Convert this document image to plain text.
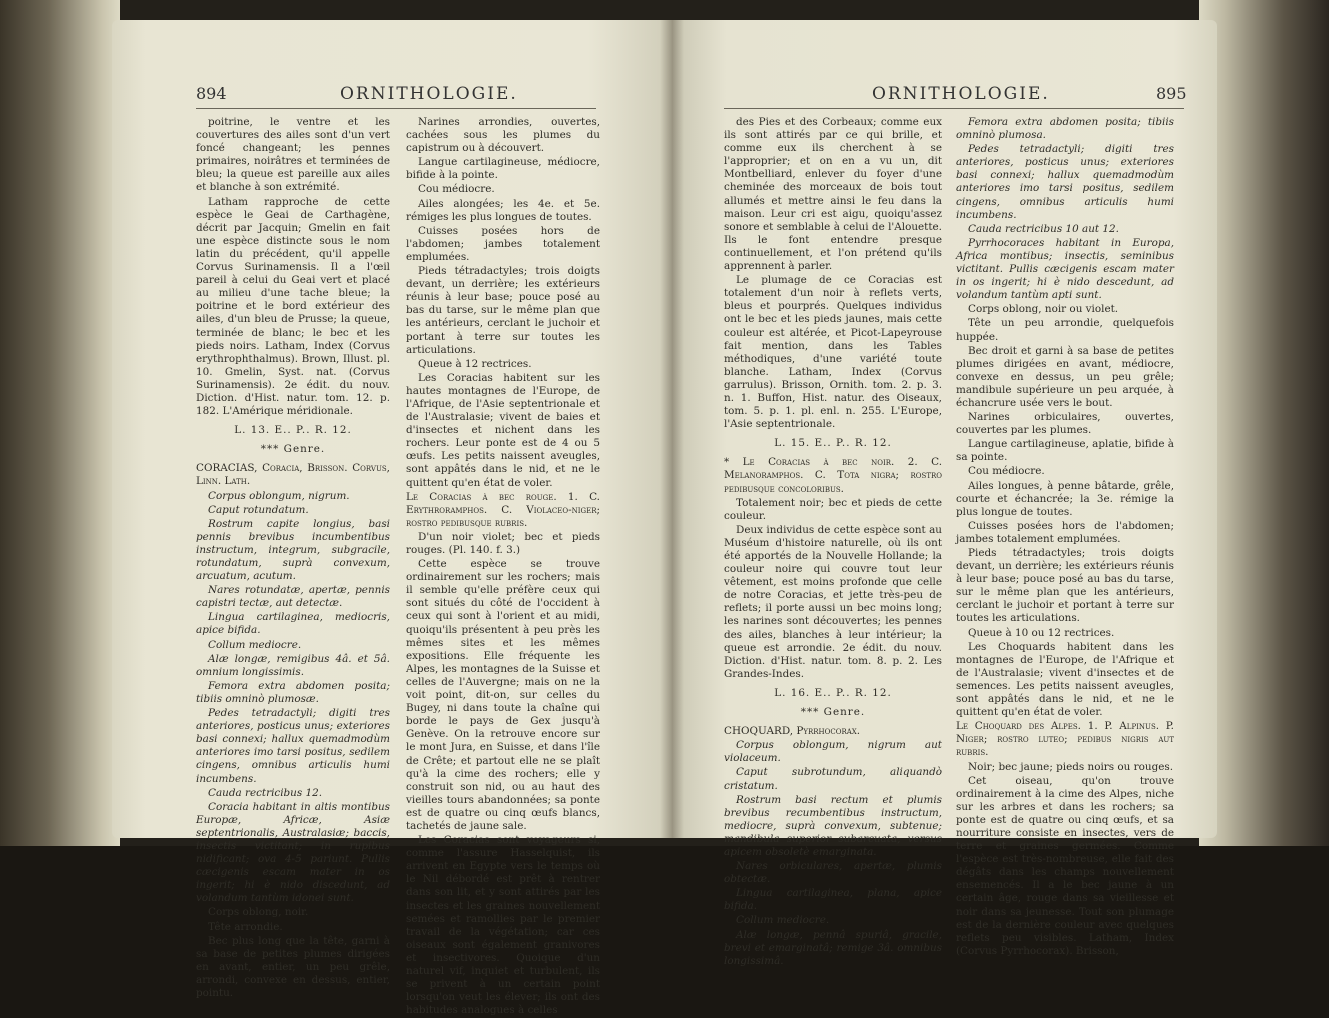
894	ORNITHOLOGIE.

poitrine, le ventre et les couvertures des ailes sont d'un vert foncé changeant; les pennes primaires, noirâtres et terminées de bleu; la queue est pareille aux ailes et blanche à son extrémité.

Latham rapproche de cette espèce le Geai de Carthagène, décrit par Jacquin; Gmelin en fait une espèce distincte sous le nom latin du précédent, qu'il appelle Corvus Surinamensis. Il a l'œil pareil à celui du Geai vert et placé au milieu d'une tache bleue; la poitrine et le bord extérieur des ailes, d'un bleu de Prusse; la queue, terminée de blanc; le bec et les pieds noirs. Latham, Index (Corvus erythrophthalmus). Brown, Illust. pl. 10. Gmelin, Syst. nat. (Corvus Surinamensis). 2e édit. du nouv. Diction. d'Hist. natur. tom. 12. p. 182. L'Amérique méridionale.

L. 13. E.. P.. R. 12.

*** Genre.

CORACIAS, Coracia, Brisson. Corvus, Linn. Lath.

Corpus oblongum, nigrum.

Caput rotundatum.

Rostrum capite longius, basi pennis brevibus incumbentibus instructum, integrum, subgracile, rotundatum, suprà convexum, arcuatum, acutum.

Nares rotundatæ, apertæ, pennis capistri tectæ, aut detectæ.

Lingua cartilaginea, mediocris, apice bifida.

Collum mediocre.

Alæ longæ, remigibus 4â. et 5â. omnium longissimis.

Femora extra abdomen posita; tibiis omninò plumosæ.

Pedes tetradactyli; digiti tres anteriores, posticus unus; exteriores basi connexi; hallux quemadmodùm anteriores imo tarsi positus, sedilem cingens, omnibus articulis humi incumbens.

Cauda rectricibus 12.

Coracia habitant in altis montibus Europæ, Africæ, Asiæ septentrionalis, Australasiæ; baccis, insectis victitant; in rupibus nidificant; ova 4-5 pariunt. Pullis cæcigenis escam mater in os ingerit; hi è nido discedunt, ad volandum tantùm idonei sunt.

Corps oblong, noir.

Tête arrondie.

Bec plus long que la tête, garni à sa base de petites plumes dirigées en avant, entier, un peu grêle, arrondi, convexe en dessus, entier, pointu.

Narines arrondies, ouvertes, cachées sous les plumes du capistrum ou à découvert.

Langue cartilagineuse, médiocre, bifide à la pointe.

Cou médiocre.

Ailes alongées; les 4e. et 5e. rémiges les plus longues de toutes.

Cuisses posées hors de l'abdomen; jambes totalement emplumées.

Pieds tétradactyles; trois doigts devant, un derrière; les extérieurs réunis à leur base; pouce posé au bas du tarse, sur le même plan que les antérieurs, cerclant le juchoir et portant à terre sur toutes les articulations.

Queue à 12 rectrices.

Les Coracias habitent sur les hautes montagnes de l'Europe, de l'Afrique, de l'Asie septentrionale et de l'Australasie; vivent de baies et d'insectes et nichent dans les rochers. Leur ponte est de 4 ou 5 œufs. Les petits naissent aveugles, sont appâtés dans le nid, et ne le quittent qu'en état de voler.

Le Coracias à bec rouge. 1. C. Erythroramphos. C. Violaceo-niger; rostro pedibusque rubris.

D'un noir violet; bec et pieds rouges. (Pl. 140. f. 3.)

Cette espèce se trouve ordinairement sur les rochers; mais il semble qu'elle préfère ceux qui sont situés du côté de l'occident à ceux qui sont à l'orient et au midi, quoiqu'ils présentent à peu près les mêmes sites et les mêmes expositions. Elle fréquente les Alpes, les montagnes de la Suisse et celles de l'Auvergne; mais on ne la voit point, dit-on, sur celles du Bugey, ni dans toute la chaîne qui borde le pays de Gex jusqu'à Genève. On la retrouve encore sur le mont Jura, en Suisse, et dans l'île de Crête; et partout elle ne se plaît qu'à la cime des rochers; elle y construit son nid, ou au haut des vieilles tours abandonnées; sa ponte est de quatre ou cinq œufs blancs, tachetés de jaune sale.

Les Coracias sont voyageurs si, comme l'assure Hasselquist, ils arrivent en Egypte vers le temps où le Nil débordé est prêt à rentrer dans son lit, et y sont attirés par les insectes et les graines nouvellement semées et ramollies par le premier travail de la végétation; car ces oiseaux sont également granivores et insectivores. Quoique d'un naturel vif, inquiet et turbulent, ils se privent à un certain point lorsqu'on veut les élever; ils ont des habitudes analogues à celles

ORNITHOLOGIE.	895

des Pies et des Corbeaux; comme eux ils sont attirés par ce qui brille, et comme eux ils cherchent à se l'approprier; et on en a vu un, dit Montbelliard, enlever du foyer d'une cheminée des morceaux de bois tout allumés et mettre ainsi le feu dans la maison. Leur cri est aigu, quoiqu'assez sonore et semblable à celui de l'Alouette. Ils le font entendre presque continuellement, et l'on prétend qu'ils apprennent à parler.

Le plumage de ce Coracias est totalement d'un noir à reflets verts, bleus et pourprés. Quelques individus ont le bec et les pieds jaunes, mais cette couleur est altérée, et Picot-Lapeyrouse fait mention, dans les Tables méthodiques, d'une variété toute blanche. Latham, Index (Corvus garrulus). Brisson, Ornith. tom. 2. p. 3. n. 1. Buffon, Hist. natur. des Oiseaux, tom. 5. p. 1. pl. enl. n. 255. L'Europe, l'Asie septentrionale.

L. 15. E.. P.. R. 12.

* Le Coracias à bec noir. 2. C. Melanoramphos. C. Tota nigra; rostro pedibusque concoloribus.

Totalement noir; bec et pieds de cette couleur.

Deux individus de cette espèce sont au Muséum d'histoire naturelle, où ils ont été apportés de la Nouvelle Hollande; la couleur noire qui couvre tout leur vêtement, est moins profonde que celle de notre Coracias, et jette très-peu de reflets; il porte aussi un bec moins long; les narines sont découvertes; les pennes des ailes, blanches à leur intérieur; la queue est arrondie. 2e édit. du nouv. Diction. d'Hist. natur. tom. 8. p. 2. Les Grandes-Indes.

L. 16. E.. P.. R. 12.

*** Genre.

CHOQUARD, Pyrrhocorax.

Corpus oblongum, nigrum aut violaceum.

Caput subrotundum, aliquandò cristatum.

Rostrum basi rectum et plumis brevibus recumbentibus instructum, mediocre, suprà convexum, subtenue; mandibula superior subarcuata, versus apicem obsoletè emarginata.

Nares orbiculares, apertæ, plumis obtectæ.

Lingua cartilaginea, plana, apice bifida.

Collum mediocre.

Alæ longæ, pennâ spuriâ, gracile, brevi et emarginatâ; remige 3â. omnibus longissimâ.

Femora extra abdomen posita; tibiis omninò plumosa.

Pedes tetradactyli; digiti tres anteriores, posticus unus; exteriores basi connexi; hallux quemadmodùm anteriores imo tarsi positus, sedilem cingens, omnibus articulis humi incumbens.

Cauda rectricibus 10 aut 12.

Pyrrhocoraces habitant in Europa, Africa montibus; insectis, seminibus victitant. Pullis cæcigenis escam mater in os ingerit; hi è nido descedunt, ad volandum tantùm apti sunt.

Corps oblong, noir ou violet.

Tête un peu arrondie, quelquefois huppée.

Bec droit et garni à sa base de petites plumes dirigées en avant, médiocre, convexe en dessus, un peu grêle; mandibule supérieure un peu arquée, à échancrure usée vers le bout.

Narines orbiculaires, ouvertes, couvertes par les plumes.

Langue cartilagineuse, aplatie, bifide à sa pointe.

Cou médiocre.

Ailes longues, à penne bâtarde, grêle, courte et échancrée; la 3e. rémige la plus longue de toutes.

Cuisses posées hors de l'abdomen; jambes totalement emplumées.

Pieds tétradactyles; trois doigts devant, un derrière; les extérieurs réunis à leur base; pouce posé au bas du tarse, sur le même plan que les antérieurs, cerclant le juchoir et portant à terre sur toutes les articulations.

Queue à 10 ou 12 rectrices.

Les Choquards habitent dans les montagnes de l'Europe, de l'Afrique et de l'Australasie; vivent d'insectes et de semences. Les petits naissent aveugles, sont appâtés dans le nid, et ne le quittent qu'en état de voler.

Le Choquard des Alpes. 1. P. Alpinus. P. Niger; rostro luteo; pedibus nigris aut rubris.

Noir; bec jaune; pieds noirs ou rouges.

Cet oiseau, qu'on trouve ordinairement à la cime des Alpes, niche sur les arbres et dans les rochers; sa ponte est de quatre ou cinq œufs, et sa nourriture consiste en insectes, vers de terre et graines germées. Comme l'espèce est très-nombreuse, elle fait des dégâts dans les champs nouvellement ensemencés. Il a le bec jaune à un certain âge, rouge dans sa vieillesse et noir dans sa jeunesse. Tout son plumage est de la dernière couleur avec quelques reflets peu visibles. Latham, Index (Corvus Pyrrhocorax). Brisson,
